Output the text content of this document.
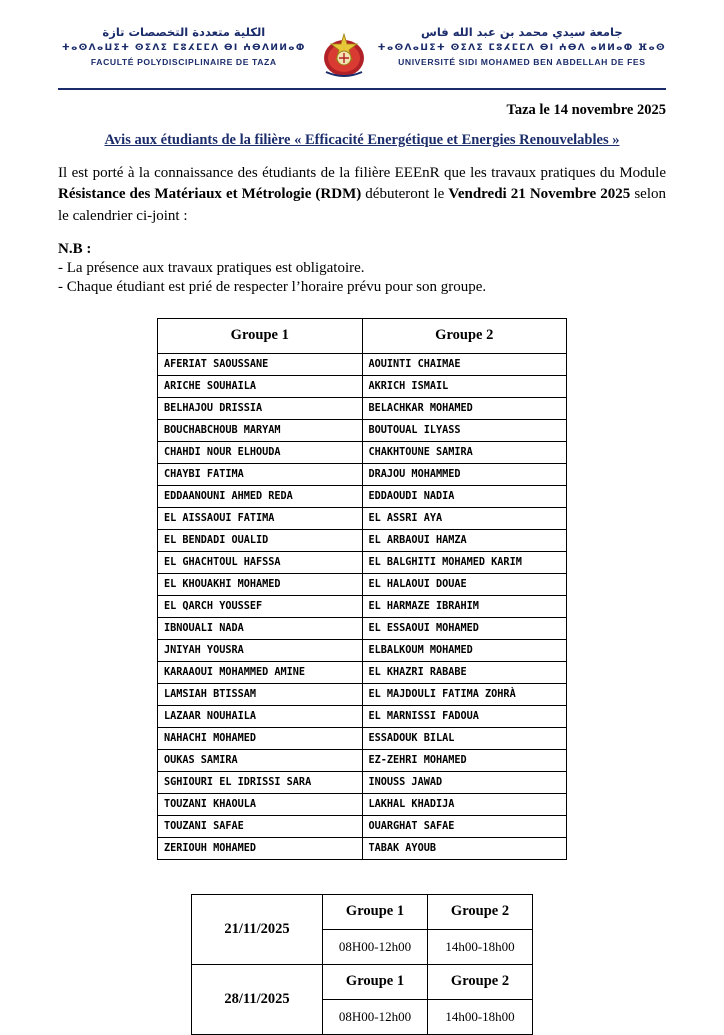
الكلية متعددة التخصصات تازة
ⵜⴰⵙⴷⴰⵡⵉⵜ ⵙⵉⴷⵉ ⵎⵓⵃⵎⵎⴷ ⴱⵏ ⵄⴱⴷⵍⵍⴰⵀ
FACULTÉ POLYDISCIPLINAIRE DE TAZA
جامعة سيدي محمد بن عبد الله فاس
ⵜⴰⵙⴷⴰⵡⵉⵜ ⵙⵉⴷⵉ ⵎⵓⵃⵎⵎⴷ ⴱⵏ ⵄⴱⴷ ⴰⵍⵍⴰⵀ ⴼⴰⵙ
UNIVERSITÉ SIDI MOHAMED BEN ABDELLAH DE FES
Taza le 14 novembre 2025
Avis aux étudiants de la filière « Efficacité Energétique et Energies Renouvelables »
Il est porté à la connaissance des étudiants de la filière EEEnR que les travaux pratiques du Module Résistance des Matériaux et Métrologie (RDM) débuteront le Vendredi 21 Novembre 2025 selon le calendrier ci-joint :
N.B :
- La présence aux travaux pratiques est obligatoire.
- Chaque étudiant est prié de respecter l’horaire prévu pour son groupe.
Groupe 1	Groupe 2
AFERIAT SAOUSSANE	AOUINTI CHAIMAE
ARICHE SOUHAILA	AKRICH ISMAIL
BELHAJOU DRISSIA	BELACHKAR MOHAMED
BOUCHABCHOUB MARYAM	BOUTOUAL ILYASS
CHAHDI NOUR ELHOUDA	CHAKHTOUNE SAMIRA
CHAYBI FATIMA	DRAJOU MOHAMMED
EDDAANOUNI AHMED REDA	EDDAOUDI NADIA
EL AISSAOUI FATIMA	EL ASSRI AYA
EL BENDADI OUALID	EL ARBAOUI HAMZA
EL GHACHTOUL HAFSSA	EL BALGHITI MOHAMED KARIM
EL KHOUAKHI MOHAMED	EL HALAOUI DOUAE
EL QARCH YOUSSEF	EL HARMAZE IBRAHIM
IBNOUALI NADA	EL ESSAOUI MOHAMED
JNIYAH YOUSRA	ELBALKOUM MOHAMED
KARAAOUI MOHAMMED AMINE	EL KHAZRI RABABE
LAMSIAH BTISSAM	EL MAJDOULI FATIMA ZOHRÀ
LAZAAR NOUHAILA	EL MARNISSI FADOUA
NAHACHI MOHAMED	ESSADOUK BILAL
OUKAS SAMIRA	EZ-ZEHRI MOHAMED
SGHIOURI EL IDRISSI SARA	INOUSS JAWAD
TOUZANI KHAOULA	LAKHAL KHADIJA
TOUZANI SAFAE	OUARGHAT SAFAE
ZERIOUH MOHAMED	TABAK AYOUB
21/11/2025	Groupe 1	Groupe 2
	08H00-12h00	14h00-18h00
28/11/2025	Groupe 1	Groupe 2
	08H00-12h00	14h00-18h00
